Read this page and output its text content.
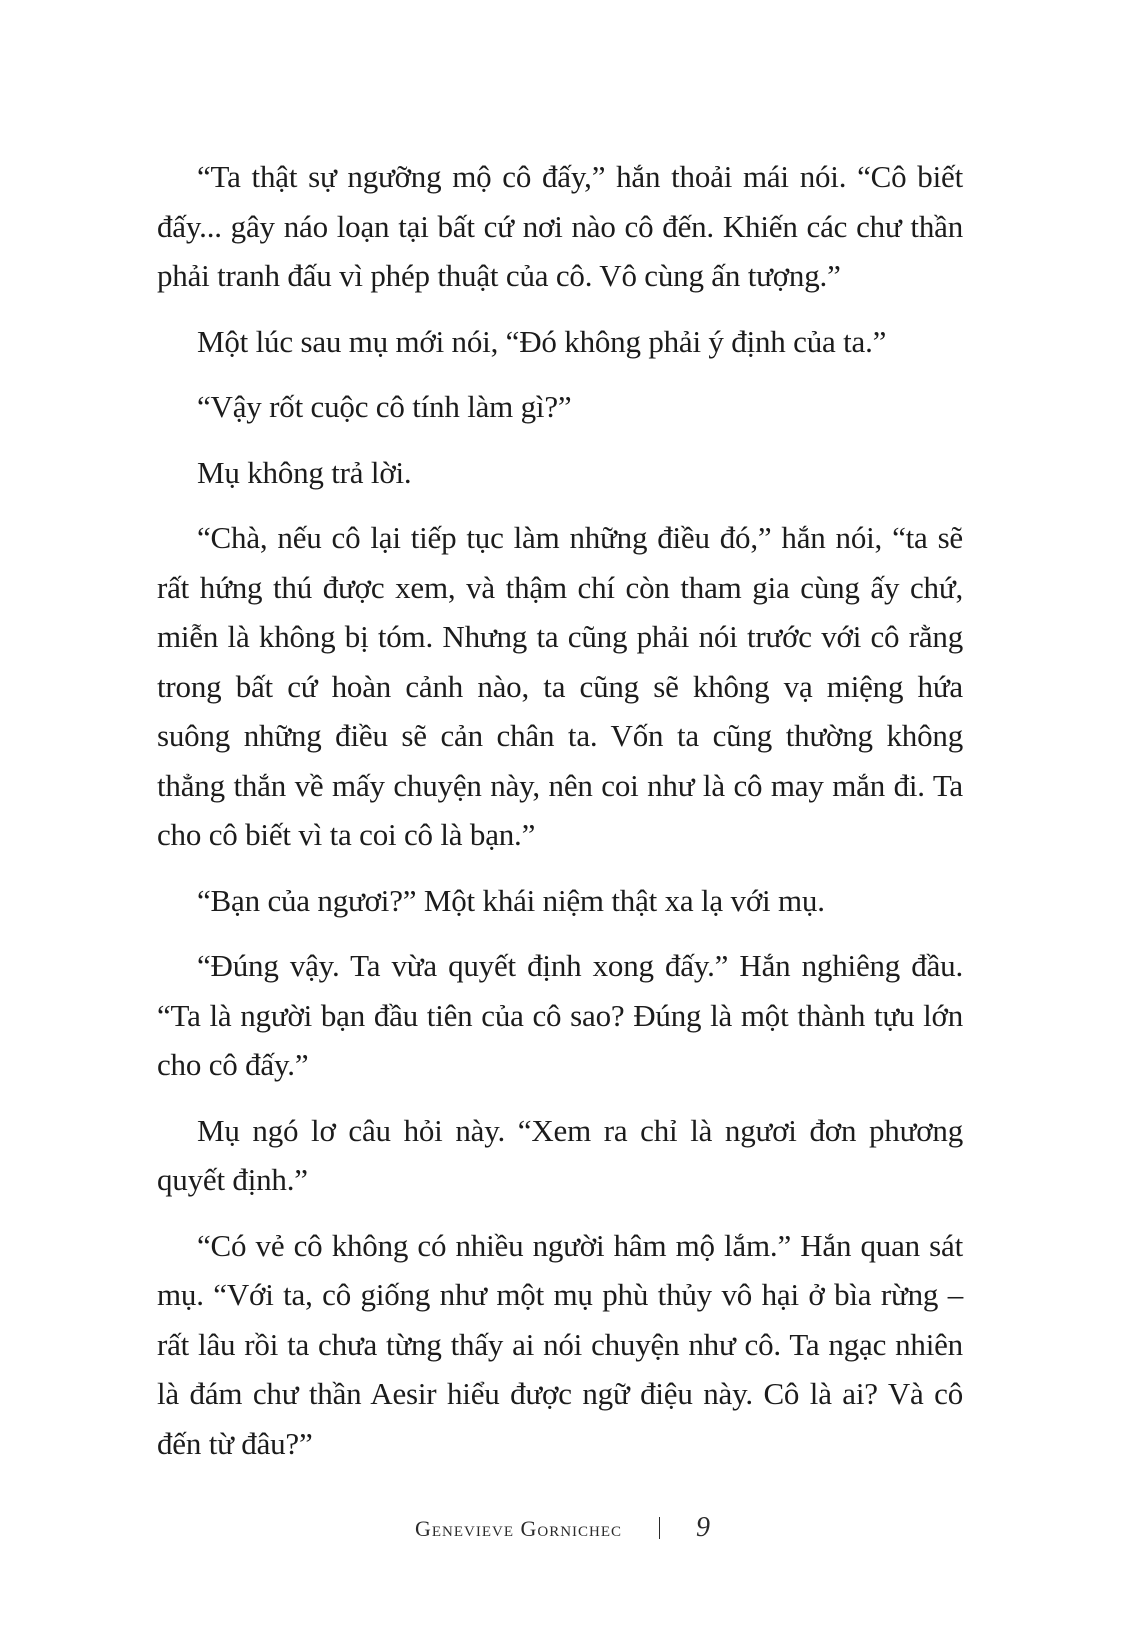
“Ta thật sự ngưỡng mộ cô đấy,” hắn thoải mái nói. “Cô biết đấy... gây náo loạn tại bất cứ nơi nào cô đến. Khiến các chư thần phải tranh đấu vì phép thuật của cô. Vô cùng ấn tượng.”

Một lúc sau mụ mới nói, “Đó không phải ý định của ta.”

“Vậy rốt cuộc cô tính làm gì?”

Mụ không trả lời.

“Chà, nếu cô lại tiếp tục làm những điều đó,” hắn nói, “ta sẽ rất hứng thú được xem, và thậm chí còn tham gia cùng ấy chứ, miễn là không bị tóm. Nhưng ta cũng phải nói trước với cô rằng trong bất cứ hoàn cảnh nào, ta cũng sẽ không vạ miệng hứa suông những điều sẽ cản chân ta. Vốn ta cũng thường không thẳng thắn về mấy chuyện này, nên coi như là cô may mắn đi. Ta cho cô biết vì ta coi cô là bạn.”

“Bạn của ngươi?” Một khái niệm thật xa lạ với mụ.

“Đúng vậy. Ta vừa quyết định xong đấy.” Hắn nghiêng đầu. “Ta là người bạn đầu tiên của cô sao? Đúng là một thành tựu lớn cho cô đấy.”

Mụ ngó lơ câu hỏi này. “Xem ra chỉ là ngươi đơn phương quyết định.”

“Có vẻ cô không có nhiều người hâm mộ lắm.” Hắn quan sát mụ. “Với ta, cô giống như một mụ phù thủy vô hại ở bìa rừng – rất lâu rồi ta chưa từng thấy ai nói chuyện như cô. Ta ngạc nhiên là đám chư thần Aesir hiểu được ngữ điệu này. Cô là ai? Và cô đến từ đâu?”

Genevieve Gornichec	9
